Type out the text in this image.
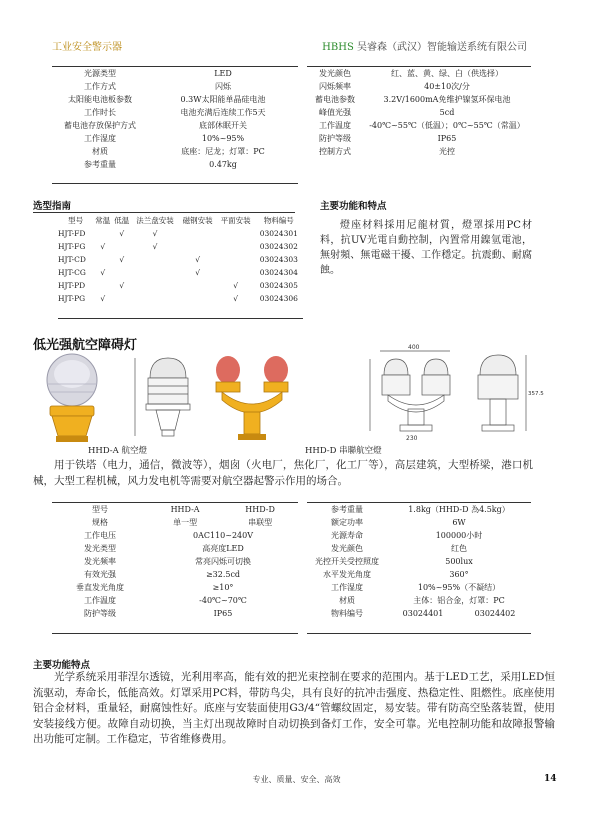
工业安全警示器	HBHS 吴睿森（武汉）智能输送系统有限公司
光源类型	LED
工作方式	闪烁
太阳能电池板参数	0.3W太阳能单晶硅电池
工作时长	电池充满后连续工作5天
蓄电池存放保护方式	底部休眠开关
工作湿度	10%~95%
材质	底座：尼龙；灯罩：PC
参考重量	0.47kg
发光颜色	红、蓝、黄、绿、白（供选择）
闪烁频率	40±10次/分
蓄电池参数	3.2V/1600mA免维护镍氢环保电池
峰值光强	5cd
工作温度	-40℃~55℃（低温）；0℃~55℃（常温）
防护等级	IP65
控制方式	光控
选型指南
型号	常温	低温	法兰盘安装	磁钢安装	平面安装	物料编号
HJT-FD		√	√			03024301
HJT-FG	√		√			03024302
HJT-CD		√		√		03024303
HJT-CG	√			√		03024304
HJT-PD		√			√	03024305
HJT-PG	√				√	03024306
主要功能和特点
燈座材料採用尼龍材質，燈罩採用PC材料，抗UV光電自動控制，內置常用鎳氫電池，無射頻、無電磁干擾、工作穩定。抗震動、耐腐蝕。
低光强航空障碍灯	400
230
357.5
HHD-A 航空燈	HHD-D 串聯航空燈
用于铁塔（电力，通信，微波等），烟囱（火电厂，焦化厂，化工厂等），高层建筑，大型桥梁，港口机械，大型工程机械，风力发电机等需要对航空器起警示作用的场合。
型号	HHD-A	HHD-D
规格	单一型	串联型
工作电压	0AC110~240V	
发光类型	高亮度LED	
发光频率	常亮闪烁可切换	
有效光强	≥32.5cd	
垂直发光角度	≥10°	
工作温度	-40℃~70℃	
防护等级	IP65	
参考重量	1.8kg（HHD-D 為4.5kg）	
额定功率	6W	
光源寿命	100000小时	
发光颜色	红色	
光控开关受控照度	500lux	
水平发光角度	360°	
工作湿度	10%~95%（不凝结）	
材质	主体：铝合金，灯罩：PC	
物料编号	03024401	03024402
主要功能特点
光学系统采用菲涅尔透镜，光利用率高，能有效的把光束控制在要求的范围内。基于LED工艺，采用LED恒流驱动，寿命长，低能高效。灯罩采用PC料，带防鸟尖，具有良好的抗冲击强度、热稳定性、阻燃性。底座使用铝合金材料，重量轻，耐腐蚀性好。底座与安装面使用G3/4“管螺纹固定，易安装。带有防高空坠落装置，使用安装接线方便。故障自动切换，当主灯出现故障时自动切换到备灯工作，安全可靠。光电控制功能和故障报警输出功能可定制。工作稳定，节省维修费用。
专业、质量、安全、高效	14
